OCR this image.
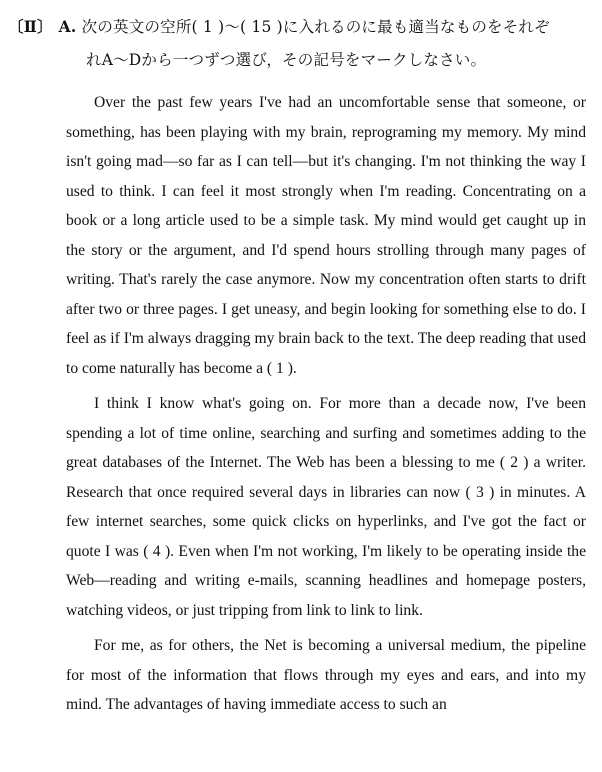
〔Ⅱ〕 A. 次の英文の空所( 1 )～( 15 )に入れるのに最も適当なものをそれぞ
れA～Dから一つずつ選び，その記号をマークしなさい。

Over the past few years I've had an uncomfortable sense that someone, or something, has been playing with my brain, reprograming my memory. My mind isn't going mad—so far as I can tell—but it's changing. I'm not thinking the way I used to think. I can feel it most strongly when I'm reading. Concentrating on a book or a long article used to be a simple task. My mind would get caught up in the story or the argument, and I'd spend hours strolling through many pages of writing. That's rarely the case anymore. Now my concentration often starts to drift after two or three pages. I get uneasy, and begin looking for something else to do. I feel as if I'm always dragging my brain back to the text. The deep reading that used to come naturally has become a ( 1 ).

I think I know what's going on. For more than a decade now, I've been spending a lot of time online, searching and surfing and sometimes adding to the great databases of the Internet. The Web has been a blessing to me ( 2 ) a writer. Research that once required several days in libraries can now ( 3 ) in minutes. A few internet searches, some quick clicks on hyperlinks, and I've got the fact or quote I was ( 4 ). Even when I'm not working, I'm likely to be operating inside the Web—reading and writing e-mails, scanning headlines and homepage posters, watching videos, or just tripping from link to link to link.

For me, as for others, the Net is becoming a universal medium, the pipeline for most of the information that flows through my eyes and ears, and into my mind. The advantages of having immediate access to such an
